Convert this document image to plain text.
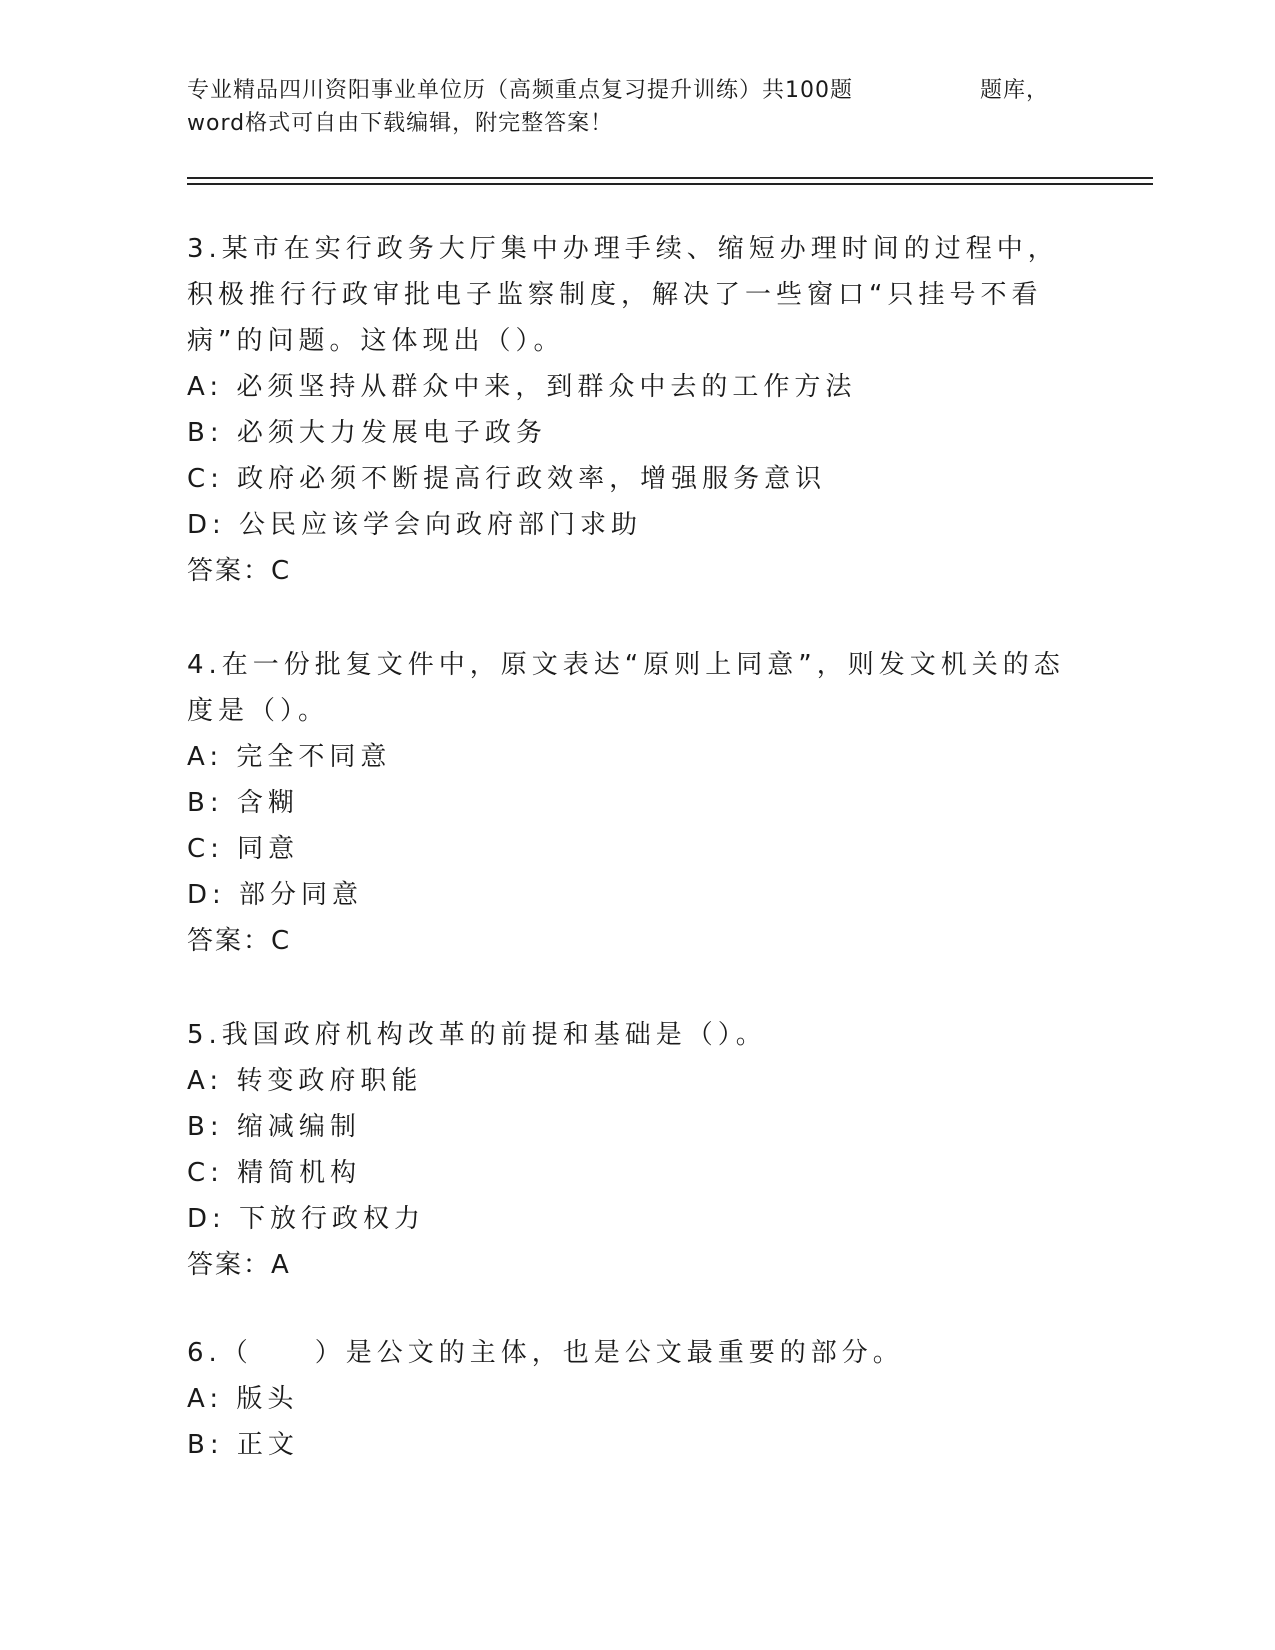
专业精品四川资阳事业单位历（高频重点复习提升训练）共100题	题库，
word格式可自由下载编辑，附完整答案！

3.某市在实行政务大厅集中办理手续、缩短办理时间的过程中，积极推行行政审批电子监察制度，解决了一些窗口“只挂号不看病”的问题。这体现出（）。

A: 必须坚持从群众中来，到群众中去的工作方法

B: 必须大力发展电子政务

C: 政府必须不断提高行政效率，增强服务意识

D: 公民应该学会向政府部门求助

答案：C

4.在一份批复文件中，原文表达“原则上同意”，则发文机关的态度是（）。

A: 完全不同意

B: 含糊

C: 同意

D: 部分同意

答案：C

5.我国政府机构改革的前提和基础是（）。

A: 转变政府职能

B: 缩减编制

C: 精简机构

D: 下放行政权力

答案：A

6.（　　）是公文的主体，也是公文最重要的部分。

A: 版头

B: 正文
